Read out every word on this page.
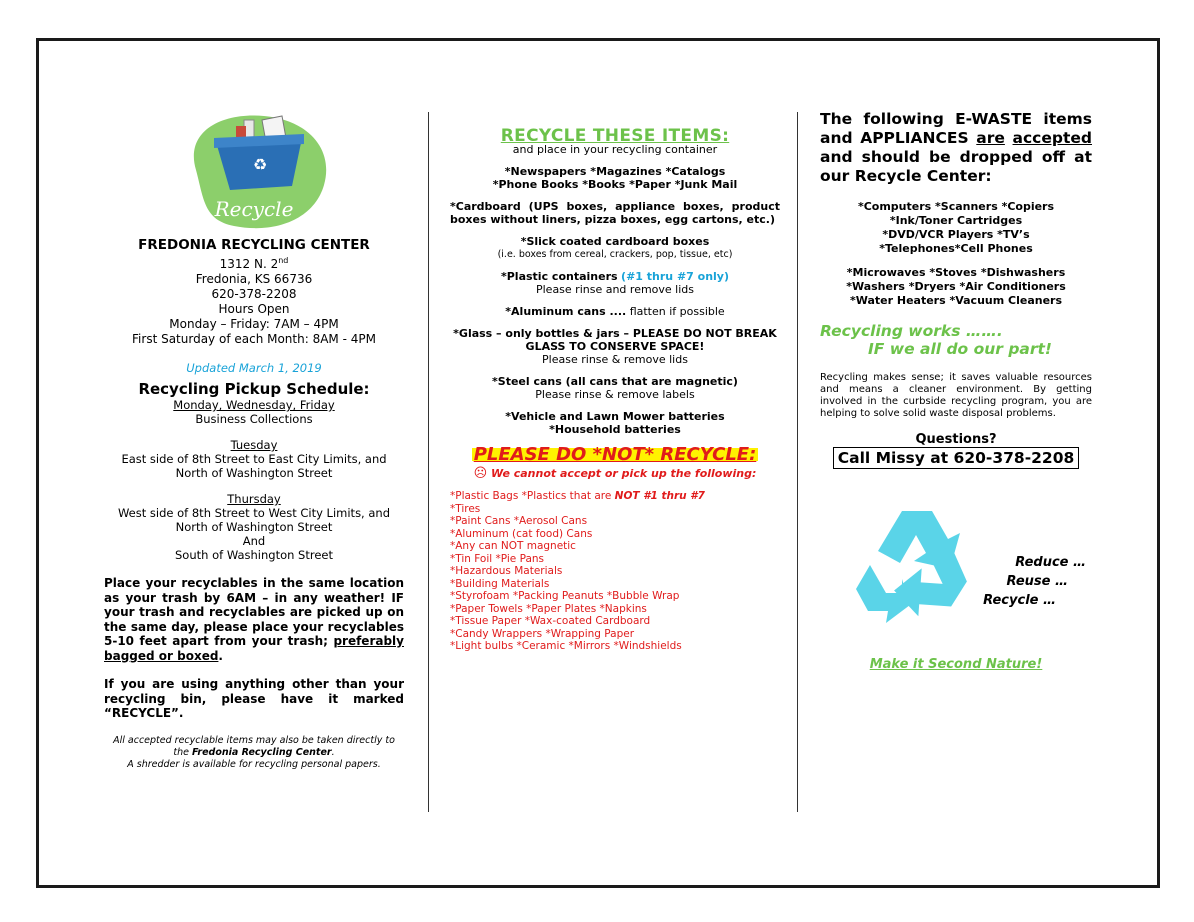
♻
Recycle
FREDONIA RECYCLING CENTER
1312 N. 2nd
Fredonia, KS 66736
620-378-2208
Hours Open
Monday – Friday: 7AM – 4PM
First Saturday of each Month: 8AM - 4PM
Updated March 1, 2019
Recycling Pickup Schedule:
Monday, Wednesday, Friday
Business Collections
Tuesday
East side of 8th Street to East City Limits, and
North of Washington Street
Thursday
West side of 8th Street to West City Limits, and
North of Washington Street
And
South of Washington Street
Place your recyclables in the same location as your trash by 6AM – in any weather! IF your trash and recyclables are picked up on the same day, please place your recyclables 5-10 feet apart from your trash; preferably bagged or boxed.
If you are using anything other than your recycling bin, please have it marked “RECYCLE”.
All accepted recyclable items may also be taken directly to the Fredonia Recycling Center.
A shredder is available for recycling personal papers.
RECYCLE THESE ITEMS:
and place in your recycling container
*Newspapers *Magazines *Catalogs
*Phone Books *Books *Paper *Junk Mail
*Cardboard (UPS boxes, appliance boxes, product boxes without liners, pizza boxes, egg cartons, etc.)
*Slick coated cardboard boxes
(i.e. boxes from cereal, crackers, pop, tissue, etc)
*Plastic containers (#1 thru #7 only)
Please rinse and remove lids
*Aluminum cans .... flatten if possible
*Glass – only bottles & jars – PLEASE DO NOT BREAK GLASS TO CONSERVE SPACE!
Please rinse & remove lids
*Steel cans (all cans that are magnetic)
Please rinse & remove labels
*Vehicle and Lawn Mower batteries
*Household batteries
PLEASE DO *NOT* RECYCLE:
☹ We cannot accept or pick up the following:
*Plastic Bags *Plastics that are NOT #1 thru #7
*Tires
*Paint Cans *Aerosol Cans
*Aluminum (cat food) Cans
*Any can NOT magnetic
*Tin Foil *Pie Pans
*Hazardous Materials
*Building Materials
*Styrofoam *Packing Peanuts *Bubble Wrap
*Paper Towels *Paper Plates *Napkins
*Tissue Paper *Wax-coated Cardboard
*Candy Wrappers *Wrapping Paper
*Light bulbs *Ceramic *Mirrors *Windshields
The following E-WASTE items and APPLIANCES are accepted and should be dropped off at our Recycle Center:
*Computers *Scanners *Copiers
*Ink/Toner Cartridges
*DVD/VCR Players *TV’s
*Telephones*Cell Phones
*Microwaves *Stoves *Dishwashers
*Washers *Dryers *Air Conditioners
*Water Heaters *Vacuum Cleaners
Recycling works …….
IF we all do our part!
Recycling makes sense; it saves valuable resources and means a cleaner environment. By getting involved in the curbside recycling program, you are helping to solve solid waste disposal problems.
Questions?
Call Missy at 620-378-2208
Reduce …
Reuse …
Recycle …
Make it Second Nature!
